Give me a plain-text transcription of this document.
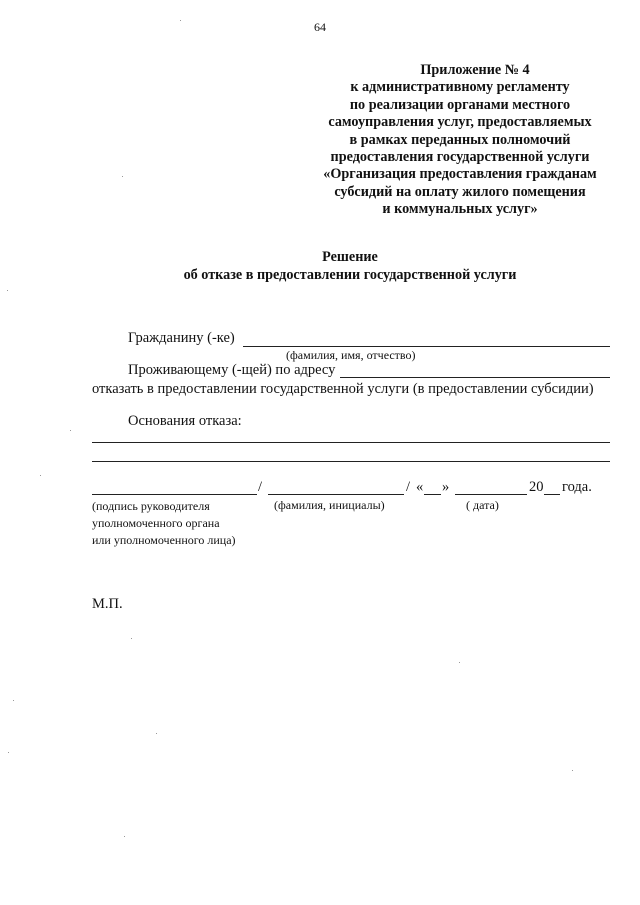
64
Приложение № 4
к административному регламенту
по реализации органами местного
самоуправления услуг, предоставляемых
в рамках переданных полномочий
предоставления государственной услуги
«Организация предоставления гражданам
субсидий на оплату жилого помещения
и коммунальных услуг»
Решение
об отказе в предоставлении государственной услуги
Гражданину (-ке)
(фамилия, имя, отчество)
Проживающему (-щей) по адресу
отказать в предоставлении государственной услуги (в предоставлении субсидии)
Основания отказа:
/	/ « »	20 года.
(подпись руководителя
уполномоченного органа
или уполномоченного лица)
(фамилия, инициалы)	( дата)
М.П.
